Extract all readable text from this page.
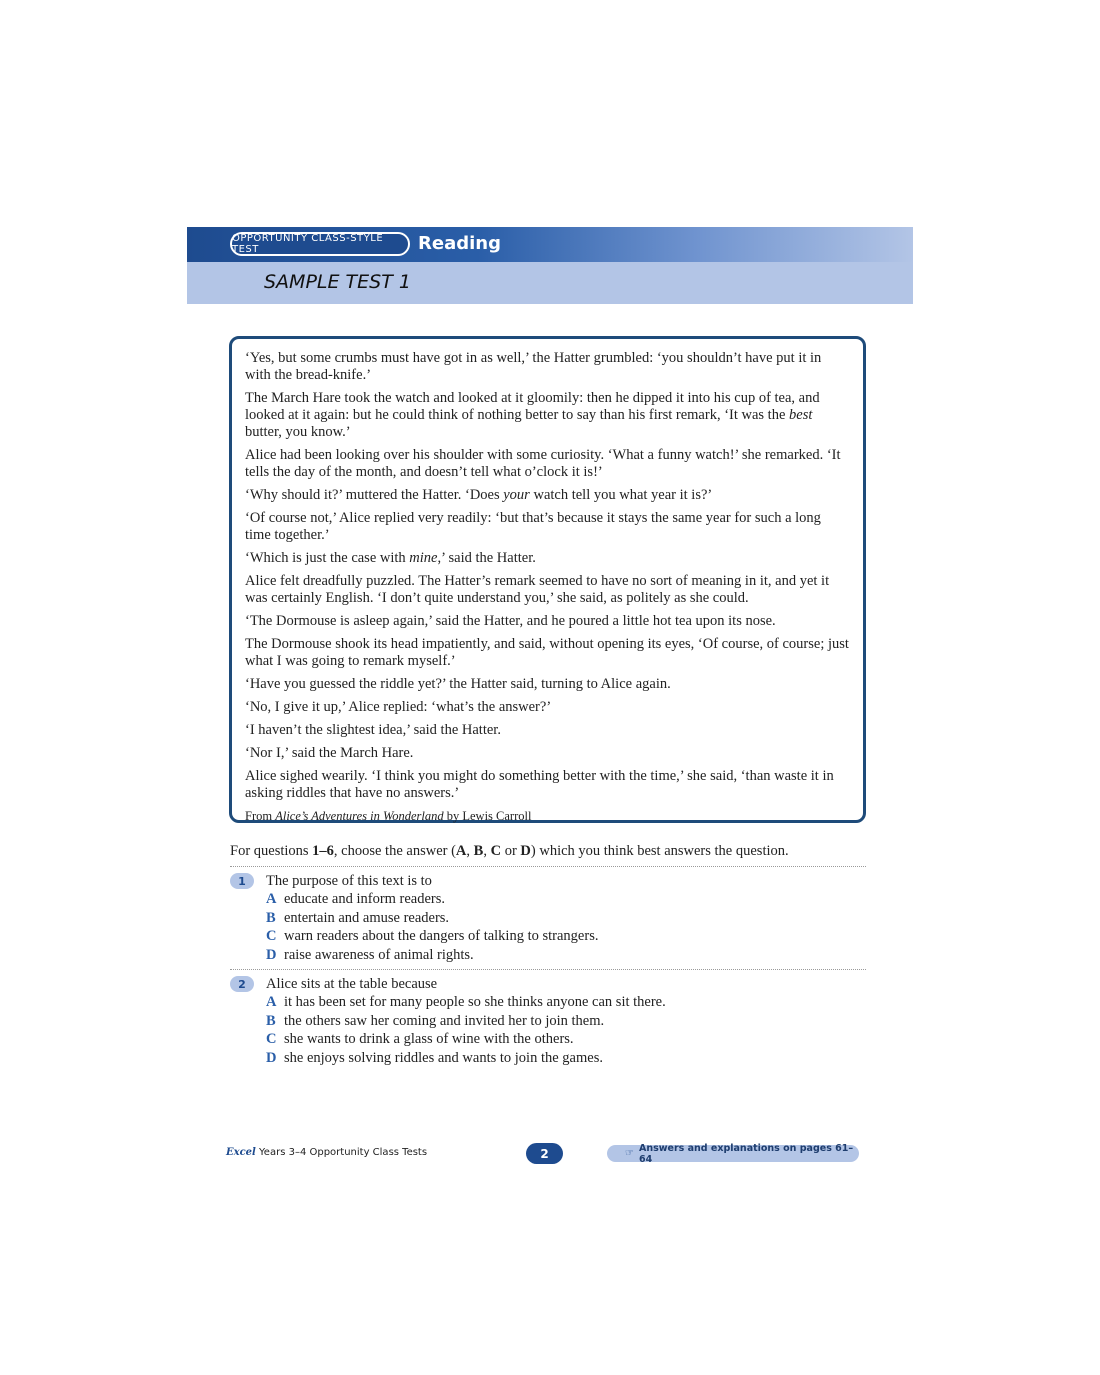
OPPORTUNITY CLASS-STYLE TEST	Reading
SAMPLE TEST 1

‘Yes, but some crumbs must have got in as well,’ the Hatter grumbled: ‘you shouldn’t have put it in with the bread-knife.’

The March Hare took the watch and looked at it gloomily: then he dipped it into his cup of tea, and looked at it again: but he could think of nothing better to say than his first remark, ‘It was the best butter, you know.’

Alice had been looking over his shoulder with some curiosity. ‘What a funny watch!’ she remarked. ‘It tells the day of the month, and doesn’t tell what o’clock it is!’

‘Why should it?’ muttered the Hatter. ‘Does your watch tell you what year it is?’

‘Of course not,’ Alice replied very readily: ‘but that’s because it stays the same year for such a long time together.’

‘Which is just the case with mine,’ said the Hatter.

Alice felt dreadfully puzzled. The Hatter’s remark seemed to have no sort of meaning in it, and yet it was certainly English. ‘I don’t quite understand you,’ she said, as politely as she could.

‘The Dormouse is asleep again,’ said the Hatter, and he poured a little hot tea upon its nose.

The Dormouse shook its head impatiently, and said, without opening its eyes, ‘Of course, of course; just what I was going to remark myself.’

‘Have you guessed the riddle yet?’ the Hatter said, turning to Alice again.

‘No, I give it up,’ Alice replied: ‘what’s the answer?’

‘I haven’t the slightest idea,’ said the Hatter.

‘Nor I,’ said the March Hare.

Alice sighed wearily. ‘I think you might do something better with the time,’ she said, ‘than waste it in asking riddles that have no answers.’

From Alice’s Adventures in Wonderland by Lewis Carroll

For questions 1–6, choose the answer (A, B, C or D) which you think best answers the question.
1	The purpose of this text is to
A educate and inform readers.
B entertain and amuse readers.
C warn readers about the dangers of talking to strangers.
D raise awareness of animal rights.
2	Alice sits at the table because
A it has been set for many people so she thinks anyone can sit there.
B the others saw her coming and invited her to join them.
C she wants to drink a glass of wine with the others.
D she enjoys solving riddles and wants to join the games.
Excel Years 3–4 Opportunity Class Tests	2	☞ Answers and explanations on pages 61–64
